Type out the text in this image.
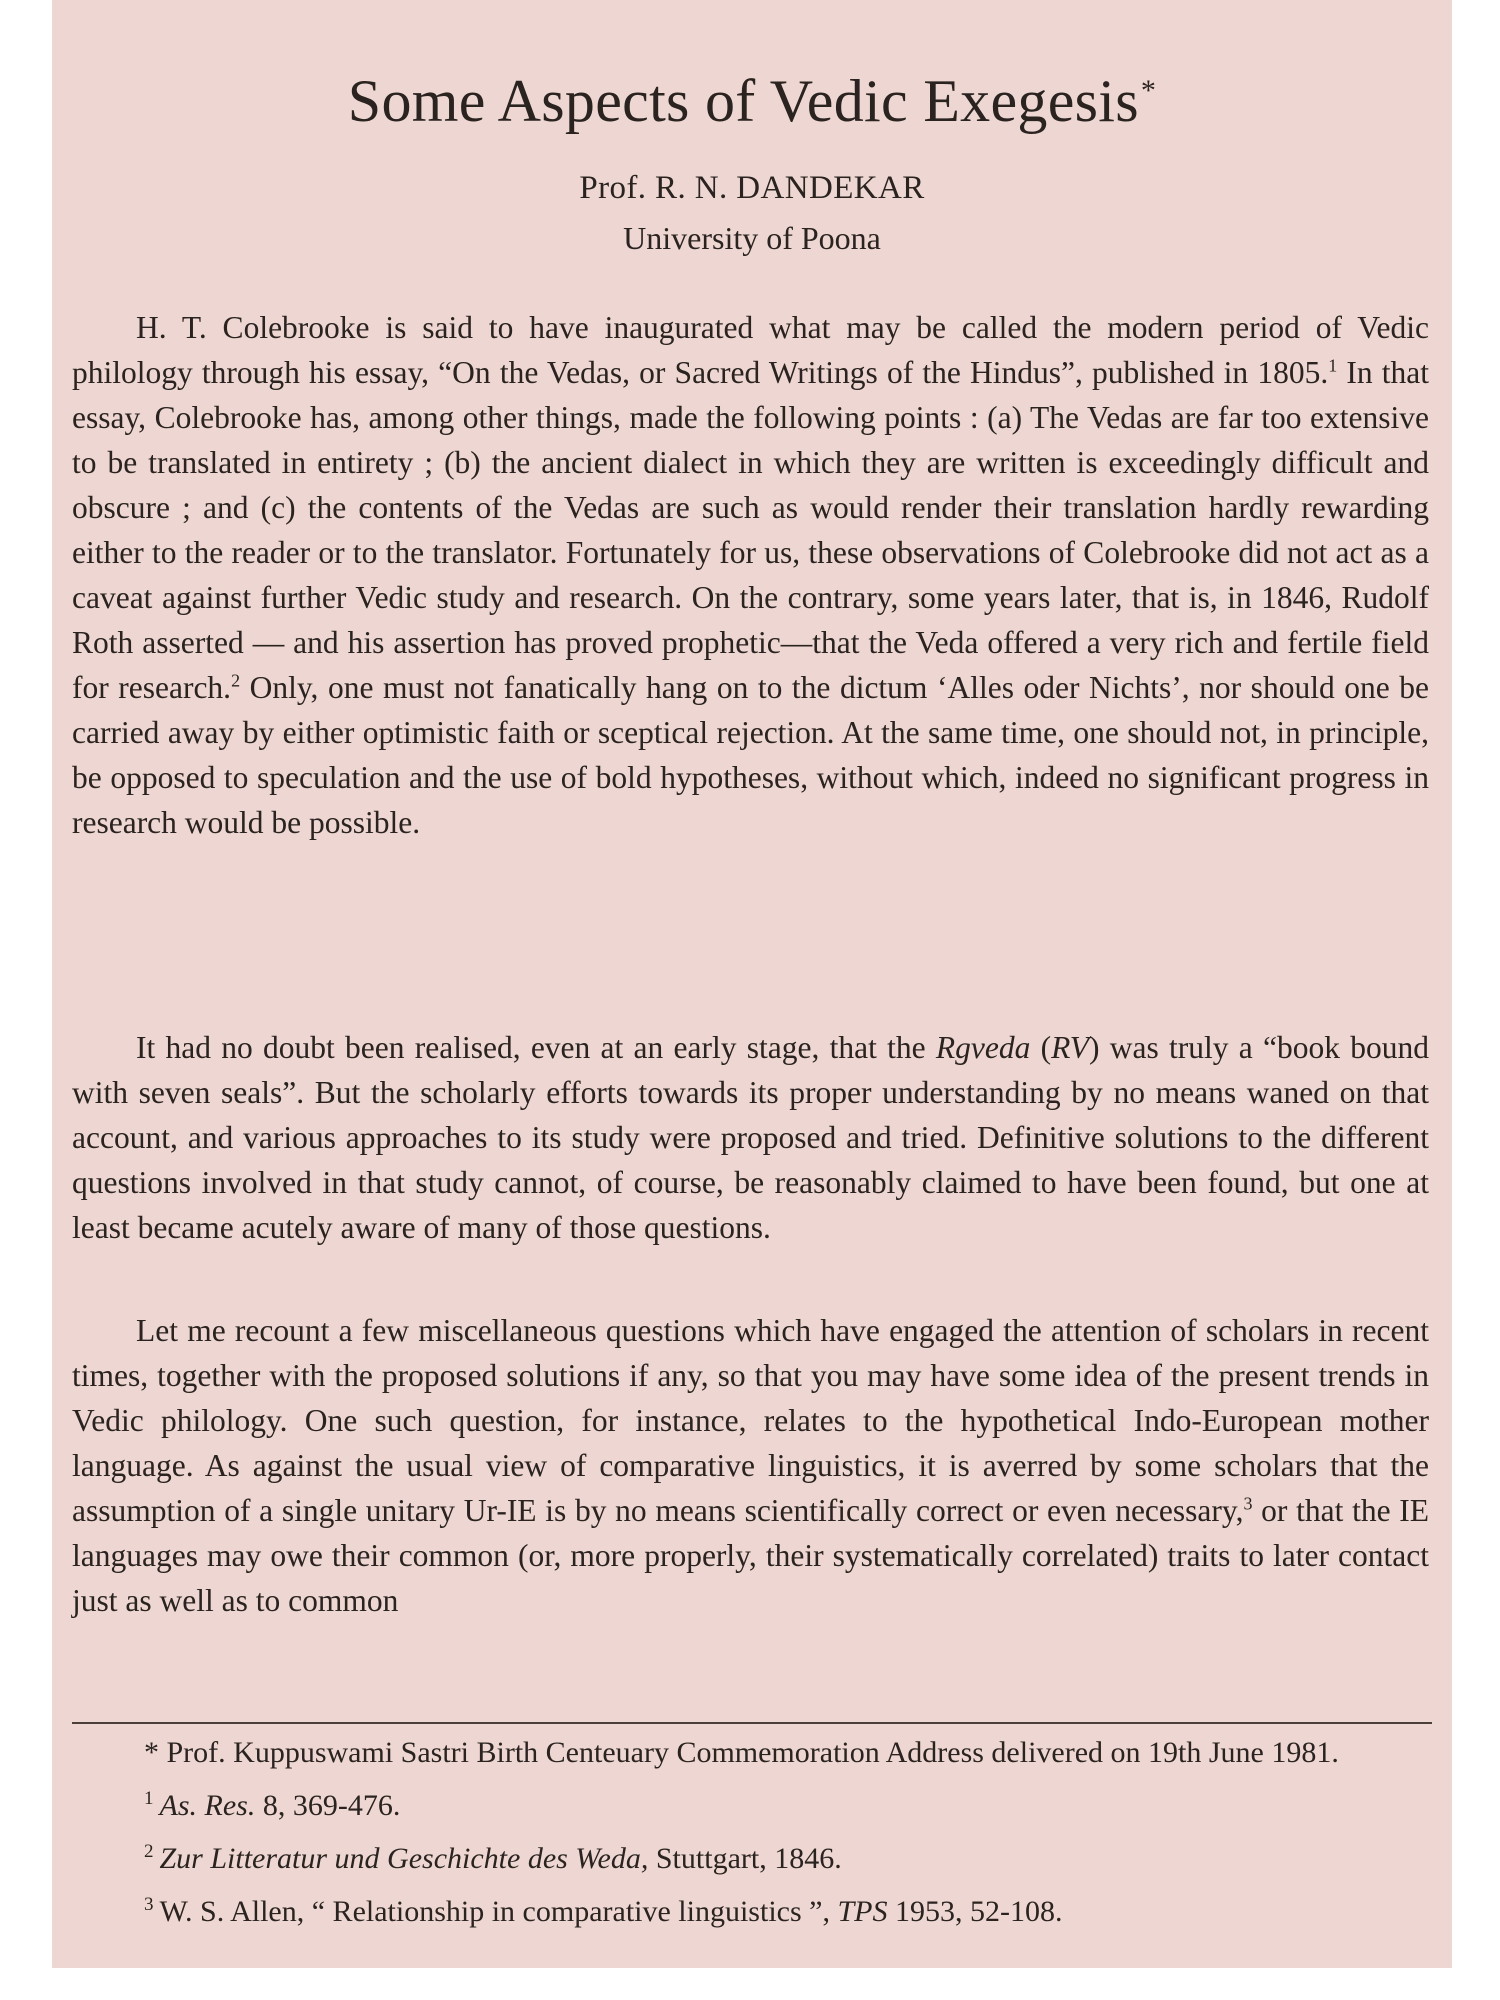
Some Aspects of Vedic Exegesis*
Prof. R. N. DANDEKAR
University of Poona

H. T. Colebrooke is said to have inaugurated what may be called the modern period of Vedic philology through his essay, “On the Vedas, or Sacred Writings of the Hindus”, published in 1805.$^1$ In that essay, Colebrooke has, among other things, made the following points : (a) The Vedas are far too extensive to be translated in entirety ; (b) the ancient dialect in which they are written is exceedingly difficult and obscure ; and (c) the contents of the Vedas are such as would render their translation hardly rewarding either to the reader or to the translator. Fortunately for us, these observations of Colebrooke did not act as a caveat against further Vedic study and research. On the contrary, some years later, that is, in 1846, Rudolf Roth asserted — and his assertion has proved prophetic—that the Veda offered a very rich and fertile field for research.$^2$ Only, one must not fanatically hang on to the dictum ‘Alles oder Nichts’, nor should one be carried away by either optimistic faith or sceptical rejection. At the same time, one should not, in principle, be opposed to speculation and the use of bold hypotheses, without which, indeed no significant progress in research would be possible.

It had no doubt been realised, even at an early stage, that the Rgveda (RV) was truly a “book bound with seven seals”. But the scholarly efforts towards its proper understanding by no means waned on that account, and various approaches to its study were proposed and tried. Definitive solutions to the different questions involved in that study cannot, of course, be reasonably claimed to have been found, but one at least became acutely aware of many of those questions.

Let me recount a few miscellaneous questions which have engaged the attention of scholars in recent times, together with the proposed solutions if any, so that you may have some idea of the present trends in Vedic philology. One such question, for instance, relates to the hypothetical Indo-European mother language. As against the usual view of comparative linguistics, it is averred by some scholars that the assumption of a single unitary Ur-IE is by no means scientifically correct or even necessary,$^3$ or that the IE languages may owe their common (or, more properly, their systematically correlated) traits to later contact just as well as to common

* Prof. Kuppuswami Sastri Birth Centeuary Commemoration Address delivered on 19th June 1981.

$^1$ As. Res. 8, 369-476.

$^2$ Zur Litteratur und Geschichte des Weda, Stuttgart, 1846.

$^3$ W. S. Allen, “ Relationship in comparative linguistics ”, TPS 1953, 52-108.
